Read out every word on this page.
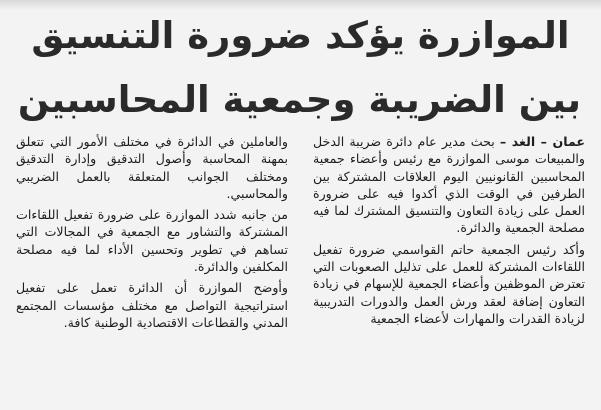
الموازرة يؤكد ضرورة التنسيق
بين الضريبة وجمعية المحاسبين

عمان – الغد – بحث مدير عام دائرة ضريبة الدخل والمبيعات موسى الموازرة مع رئيس وأعضاء جمعية المحاسبين القانونيين اليوم العلاقات المشتركة بين الطرفين في الوقت الذي أكدوا فيه على ضرورة العمل على زيادة التعاون والتنسيق المشترك لما فيه مصلحة الجمعية والدائرة.

وأكد رئيس الجمعية حاتم القواسمي ضرورة تفعيل اللقاءات المشتركة للعمل على تذليل الصعوبات التي تعترض الموظفين وأعضاء الجمعية للإسهام في زيادة التعاون إضافة لعقد ورش العمل والدورات التدريبية لزيادة القدرات والمهارات لأعضاء الجمعية

والعاملين في الدائرة في مختلف الأمور التي تتعلق بمهنة المحاسبة وأصول التدقيق وإدارة التدقيق ومختلف الجوانب المتعلقة بالعمل الضريبي والمحاسبي.

من جانبه شدد الموازرة على ضرورة تفعيل اللقاءات المشتركة والتشاور مع الجمعية في المجالات التي تساهم في تطوير وتحسين الأداء لما فيه مصلحة المكلفين والدائرة.

وأوضح الموازرة أن الدائرة تعمل على تفعيل استراتيجية التواصل مع مختلف مؤسسات المجتمع المدني والقطاعات الاقتصادية الوطنية كافة.
